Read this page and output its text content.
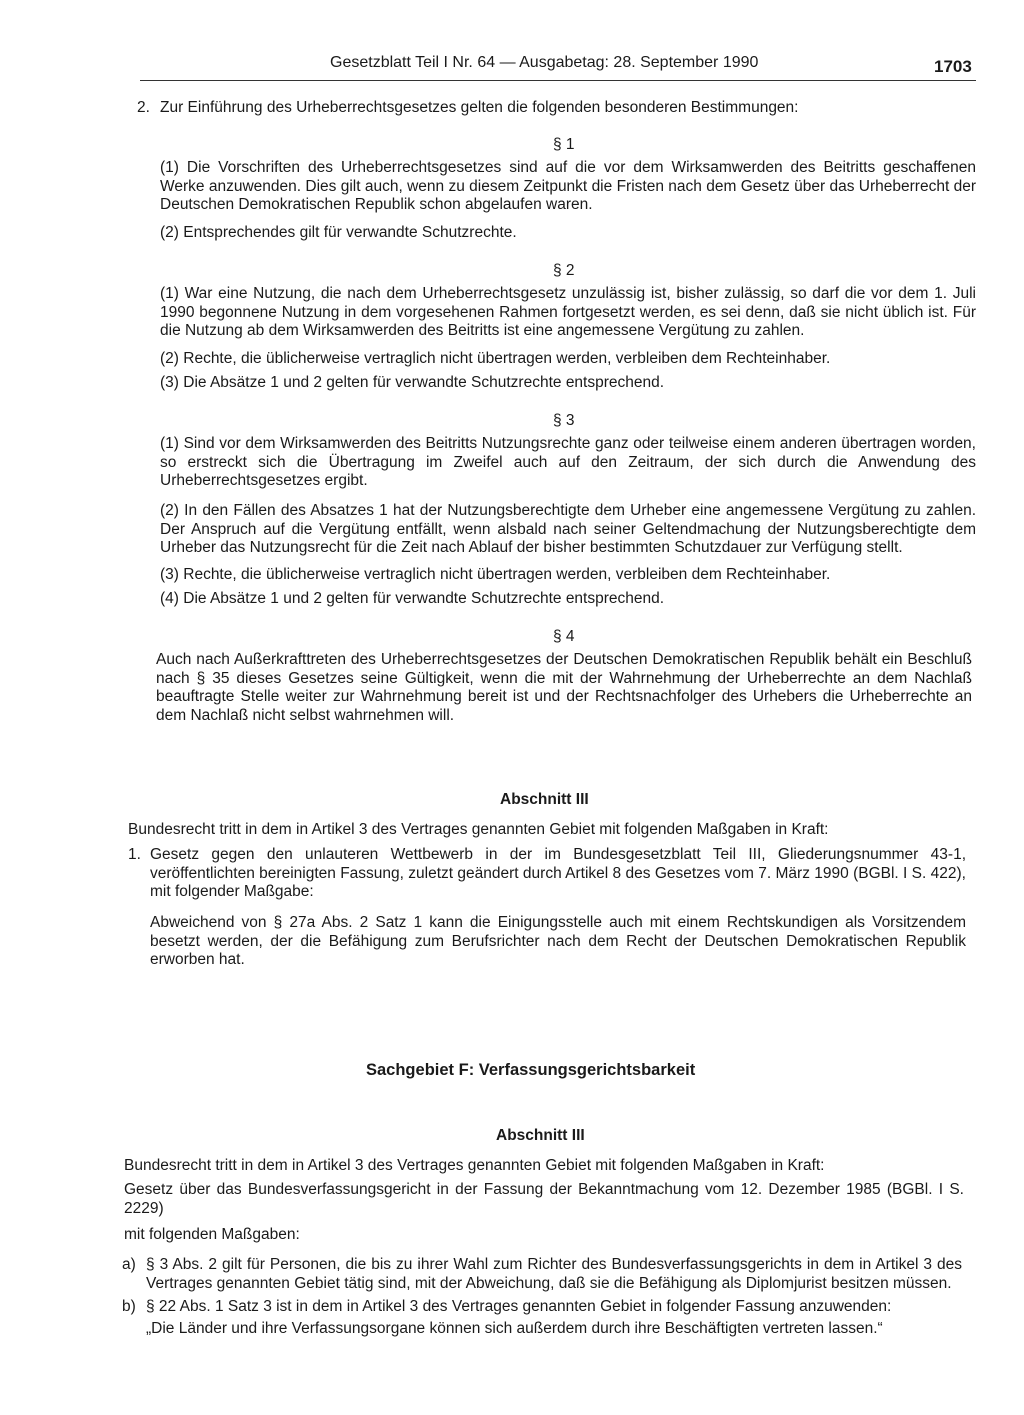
Gesetzblatt Teil I Nr. 64 — Ausgabetag: 28. September 1990	1703
2. Zur Einführung des Urheberrechtsgesetzes gelten die folgenden besonderen Bestimmungen:
§ 1
(1) Die Vorschriften des Urheberrechtsgesetzes sind auf die vor dem Wirksamwerden des Beitritts geschaffenen Werke anzuwenden. Dies gilt auch, wenn zu diesem Zeitpunkt die Fristen nach dem Gesetz über das Urheberrecht der Deutschen Demokratischen Republik schon abgelaufen waren.
(2) Entsprechendes gilt für verwandte Schutzrechte.
§ 2
(1) War eine Nutzung, die nach dem Urheberrechtsgesetz unzulässig ist, bisher zulässig, so darf die vor dem 1. Juli 1990 begonnene Nutzung in dem vorgesehenen Rahmen fortgesetzt werden, es sei denn, daß sie nicht üblich ist. Für die Nutzung ab dem Wirksamwerden des Beitritts ist eine angemessene Vergütung zu zahlen.
(2) Rechte, die üblicherweise vertraglich nicht übertragen werden, verbleiben dem Rechteinhaber.
(3) Die Absätze 1 und 2 gelten für verwandte Schutzrechte entsprechend.
§ 3
(1) Sind vor dem Wirksamwerden des Beitritts Nutzungsrechte ganz oder teilweise einem anderen übertragen worden, so erstreckt sich die Übertragung im Zweifel auch auf den Zeitraum, der sich durch die Anwendung des Urheberrechtsgesetzes ergibt.
(2) In den Fällen des Absatzes 1 hat der Nutzungsberechtigte dem Urheber eine angemessene Vergütung zu zahlen. Der Anspruch auf die Vergütung entfällt, wenn alsbald nach seiner Geltendmachung der Nutzungsberechtigte dem Urheber das Nutzungsrecht für die Zeit nach Ablauf der bisher bestimmten Schutzdauer zur Verfügung stellt.
(3) Rechte, die üblicherweise vertraglich nicht übertragen werden, verbleiben dem Rechteinhaber.
(4) Die Absätze 1 und 2 gelten für verwandte Schutzrechte entsprechend.
§ 4
Auch nach Außerkrafttreten des Urheberrechtsgesetzes der Deutschen Demokratischen Republik behält ein Beschluß nach § 35 dieses Gesetzes seine Gültigkeit, wenn die mit der Wahrnehmung der Urheberrechte an dem Nachlaß beauftragte Stelle weiter zur Wahrnehmung bereit ist und der Rechtsnachfolger des Urhebers die Urheberrechte an dem Nachlaß nicht selbst wahrnehmen will.
Abschnitt III
Bundesrecht tritt in dem in Artikel 3 des Vertrages genannten Gebiet mit folgenden Maßgaben in Kraft:
1. Gesetz gegen den unlauteren Wettbewerb in der im Bundesgesetzblatt Teil III, Gliederungsnummer 43-1, veröffentlichten bereinigten Fassung, zuletzt geändert durch Artikel 8 des Gesetzes vom 7. März 1990 (BGBl. I S. 422), mit folgender Maßgabe:
Abweichend von § 27a Abs. 2 Satz 1 kann die Einigungsstelle auch mit einem Rechtskundigen als Vorsitzendem besetzt werden, der die Befähigung zum Berufsrichter nach dem Recht der Deutschen Demokratischen Republik erworben hat.
Sachgebiet F: Verfassungsgerichtsbarkeit
Abschnitt III
Bundesrecht tritt in dem in Artikel 3 des Vertrages genannten Gebiet mit folgenden Maßgaben in Kraft:
Gesetz über das Bundesverfassungsgericht in der Fassung der Bekanntmachung vom 12. Dezember 1985 (BGBl. I S. 2229)
mit folgenden Maßgaben:
a) § 3 Abs. 2 gilt für Personen, die bis zu ihrer Wahl zum Richter des Bundesverfassungsgerichts in dem in Artikel 3 des Vertrages genannten Gebiet tätig sind, mit der Abweichung, daß sie die Befähigung als Diplomjurist besitzen müssen.
b) § 22 Abs. 1 Satz 3 ist in dem in Artikel 3 des Vertrages genannten Gebiet in folgender Fassung anzuwenden:
„Die Länder und ihre Verfassungsorgane können sich außerdem durch ihre Beschäftigten vertreten lassen.“
